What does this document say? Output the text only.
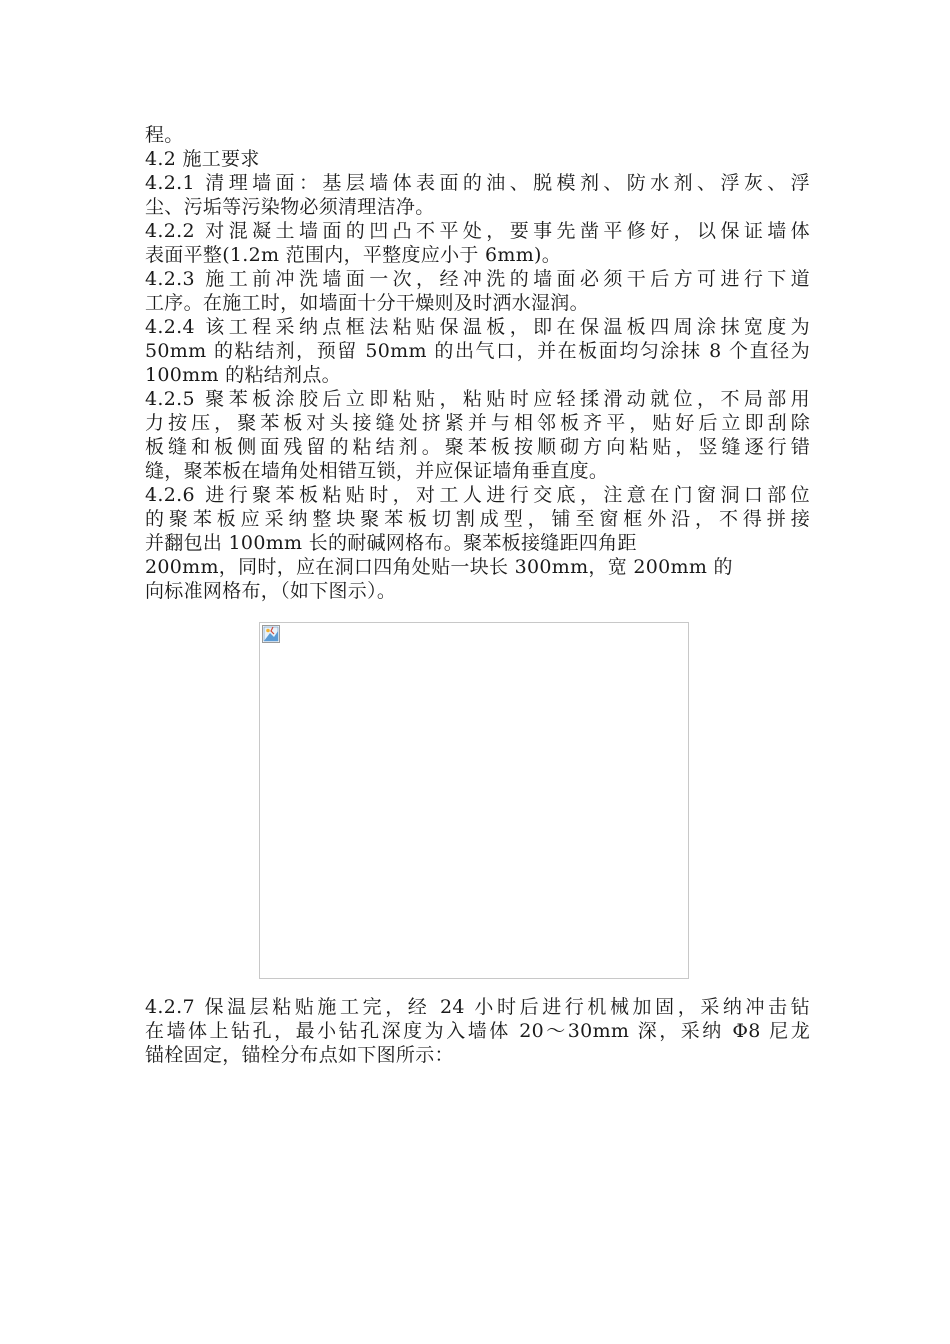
程。
4.2 施工要求
4.2.1 清理墙面：基层墙体表面的油、脱模剂、防水剂、浮灰、浮
尘、污垢等污染物必须清理洁净。
4.2.2 对混凝土墙面的凹凸不平处，要事先凿平修好，以保证墙体
表面平整(1.2m 范围内，平整度应小于 6mm)。
4.2.3 施工前冲洗墙面一次，经冲洗的墙面必须干后方可进行下道
工序。在施工时，如墙面十分干燥则及时洒水湿润。
4.2.4 该工程采纳点框法粘贴保温板，即在保温板四周涂抹宽度为
50mm 的粘结剂，预留 50mm 的出气口，并在板面均匀涂抹 8 个直径为
100mm 的粘结剂点。
4.2.5 聚苯板涂胶后立即粘贴，粘贴时应轻揉滑动就位，不局部用
力按压，聚苯板对头接缝处挤紧并与相邻板齐平，贴好后立即刮除
板缝和板侧面残留的粘结剂。聚苯板按顺砌方向粘贴，竖缝逐行错
缝，聚苯板在墙角处相错互锁，并应保证墙角垂直度。
4.2.6 进行聚苯板粘贴时，对工人进行交底，注意在门窗洞口部位
的聚苯板应采纳整块聚苯板切割成型，铺至窗框外沿，不得拼接

并翻包出 100mm 长的耐碱网格布。聚苯板接缝距四角距
200mm，同时，应在洞口四角处贴一块长 300mm，宽 200mm 的
向标准网格布，（如下图示）。

4.2.7 保温层粘贴施工完，经 24 小时后进行机械加固，采纳冲击钻
在墙体上钻孔，最小钻孔深度为入墙体 20～30mm 深，采纳 Φ8 尼龙
锚栓固定，锚栓分布点如下图所示：
